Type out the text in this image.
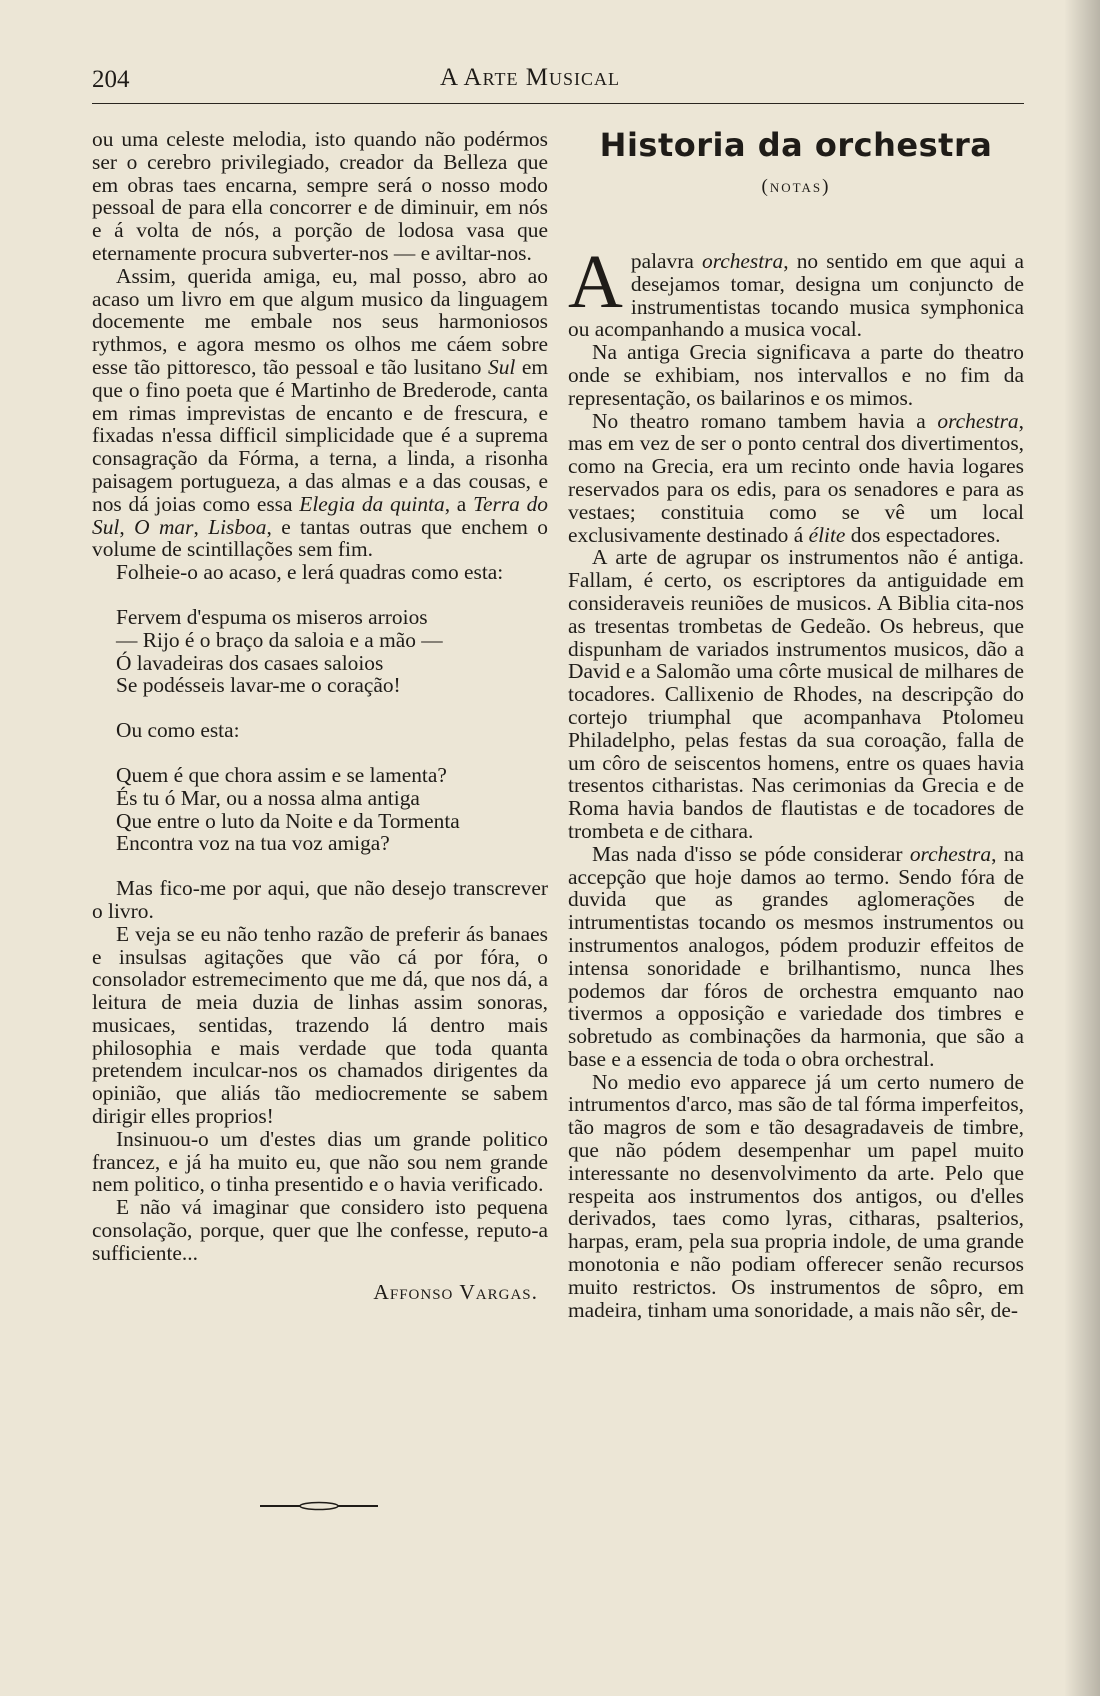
204	A Arte Musical

ou uma celeste melodia, isto quando não podérmos ser o cerebro privilegiado, creador da Belleza que em obras taes encarna, sempre será o nosso modo pessoal de para ella concorrer e de diminuir, em nós e á volta de nós, a porção de lodosa vasa que eternamente procura subverter-nos — e aviltar-nos.

Assim, querida amiga, eu, mal posso, abro ao acaso um livro em que algum musico da linguagem docemente me embale nos seus harmoniosos rythmos, e agora mesmo os olhos me cáem sobre esse tão pittoresco, tão pessoal e tão lusitano Sul em que o fino poeta que é Martinho de Brederode, canta em rimas imprevistas de encanto e de frescura, e fixadas n'essa difficil simplicidade que é a suprema consagração da Fórma, a terna, a linda, a risonha paisagem portugueza, a das almas e a das cousas, e nos dá joias como essa Elegia da quinta, a Terra do Sul, O mar, Lisboa, e tantas outras que enchem o volume de scintillações sem fim.

Folheie-o ao acaso, e lerá quadras como esta:

Fervem d'espuma os miseros arroios
— Rijo é o braço da saloia e a mão —
Ó lavadeiras dos casaes saloios
Se podésseis lavar-me o coração!

Ou como esta:

Quem é que chora assim e se lamenta?
És tu ó Mar, ou a nossa alma antiga
Que entre o luto da Noite e da Tormenta
Encontra voz na tua voz amiga?

Mas fico-me por aqui, que não desejo transcrever o livro.

E veja se eu não tenho razão de preferir ás banaes e insulsas agitações que vão cá por fóra, o consolador estremecimento que me dá, que nos dá, a leitura de meia duzia de linhas assim sonoras, musicaes, sentidas, trazendo lá dentro mais philosophia e mais verdade que toda quanta pretendem inculcar-nos os chamados dirigentes da opinião, que aliás tão mediocremente se sabem dirigir elles proprios!

Insinuou-o um d'estes dias um grande politico francez, e já ha muito eu, que não sou nem grande nem politico, o tinha presentido e o havia verificado.

E não vá imaginar que considero isto pequena consolação, porque, quer que lhe confesse, reputo-a sufficiente...

Affonso Vargas.
Historia da orchestra
(notas)

Apalavra orchestra, no sentido em que aqui a desejamos tomar, designa um conjuncto de instrumentistas tocando musica symphonica ou acompanhando a musica vocal.

Na antiga Grecia significava a parte do theatro onde se exhibiam, nos intervallos e no fim da representação, os bailarinos e os mimos.

No theatro romano tambem havia a orchestra, mas em vez de ser o ponto central dos divertimentos, como na Grecia, era um recinto onde havia logares reservados para os edis, para os senadores e para as vestaes; constituia como se vê um local exclusivamente destinado á élite dos espectadores.

A arte de agrupar os instrumentos não é antiga. Fallam, é certo, os escriptores da antiguidade em consideraveis reuniões de musicos. A Biblia cita-nos as tresentas trombetas de Gedeão. Os hebreus, que dispunham de variados instrumentos musicos, dão a David e a Salomão uma côrte musical de milhares de tocadores. Callixenio de Rhodes, na descripção do cortejo triumphal que acompanhava Ptolomeu Philadelpho, pelas festas da sua coroação, falla de um côro de seiscentos homens, entre os quaes havia tresentos citharistas. Nas cerimonias da Grecia e de Roma havia bandos de flautistas e de tocadores de trombeta e de cithara.

Mas nada d'isso se póde considerar orchestra, na accepção que hoje damos ao termo. Sendo fóra de duvida que as grandes aglomerações de intrumentistas tocando os mesmos instrumentos ou instrumentos analogos, pódem produzir effeitos de intensa sonoridade e brilhantismo, nunca lhes podemos dar fóros de orchestra emquanto nao tivermos a opposição e variedade dos timbres e sobretudo as combinações da harmonia, que são a base e a essencia de toda o obra orchestral.

No medio evo apparece já um certo numero de intrumentos d'arco, mas são de tal fórma imperfeitos, tão magros de som e tão desagradaveis de timbre, que não pódem desempenhar um papel muito interessante no desenvolvimento da arte. Pelo que respeita aos instrumentos dos antigos, ou d'elles derivados, taes como lyras, citharas, psalterios, harpas, eram, pela sua propria indole, de uma grande monotonia e não podiam offerecer senão recursos muito restrictos. Os instrumentos de sôpro, em madeira, tinham uma sonoridade, a mais não sêr, de-
